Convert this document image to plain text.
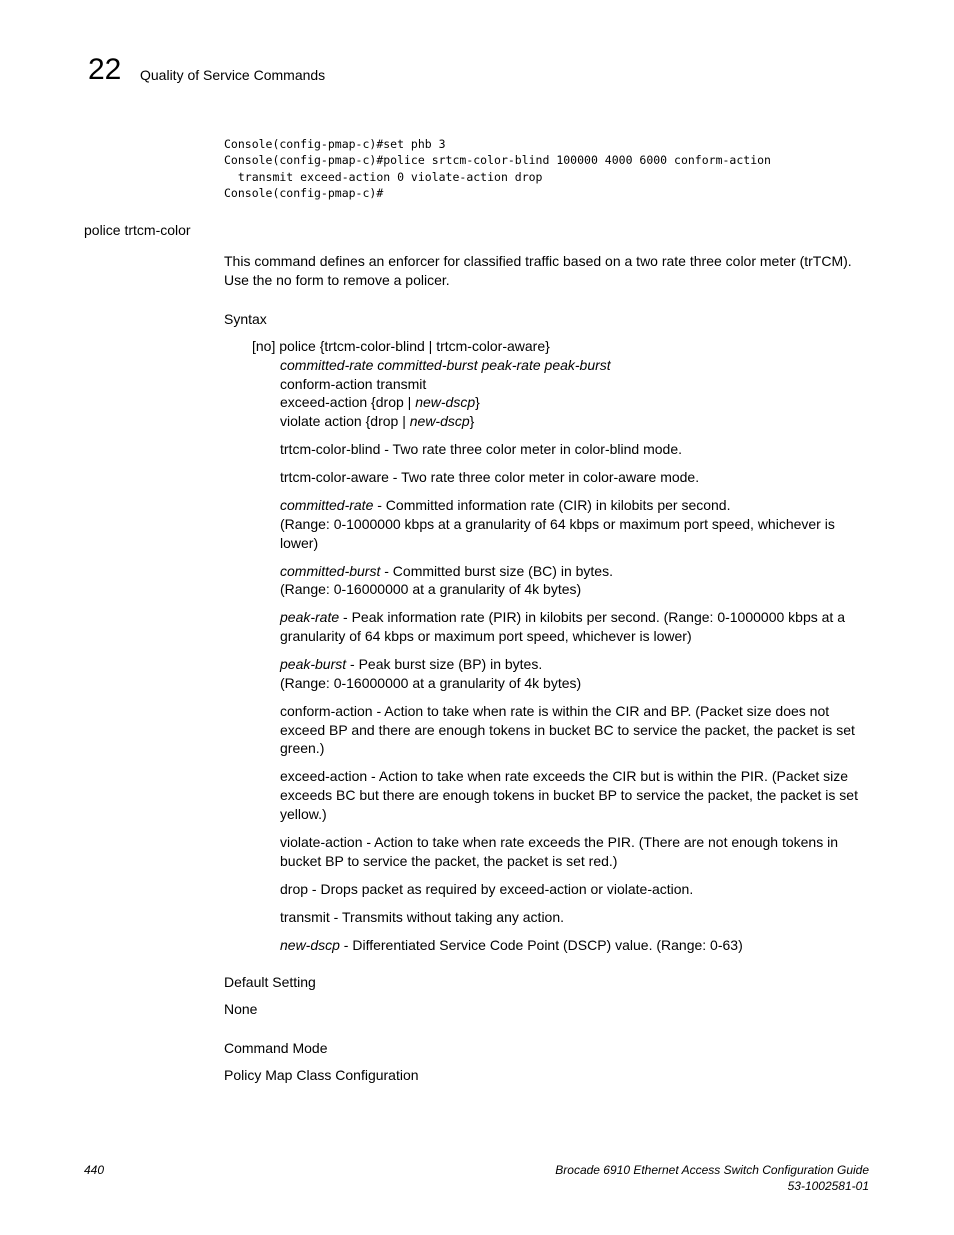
22 Quality of Service Commands
Console(config-pmap-c)#set phb 3
Console(config-pmap-c)#police srtcm-color-blind 100000 4000 6000 conform-action
transmit exceed-action 0 violate-action drop
Console(config-pmap-c)#
police trtcm-color
This command defines an enforcer for classified traffic based on a two rate three color meter (trTCM). Use the no form to remove a policer.
Syntax
[no] police {trtcm-color-blind | trtcm-color-aware}
committed-rate committed-burst peak-rate peak-burst
conform-action transmit
exceed-action {drop | new-dscp}
violate action {drop | new-dscp}
trtcm-color-blind - Two rate three color meter in color-blind mode.
trtcm-color-aware - Two rate three color meter in color-aware mode.
committed-rate - Committed information rate (CIR) in kilobits per second.
(Range: 0-1000000 kbps at a granularity of 64 kbps or maximum port speed, whichever is lower)
committed-burst - Committed burst size (BC) in bytes.
(Range: 0-16000000 at a granularity of 4k bytes)
peak-rate - Peak information rate (PIR) in kilobits per second. (Range: 0-1000000 kbps at a granularity of 64 kbps or maximum port speed, whichever is lower)
peak-burst - Peak burst size (BP) in bytes.
(Range: 0-16000000 at a granularity of 4k bytes)
conform-action - Action to take when rate is within the CIR and BP. (Packet size does not exceed BP and there are enough tokens in bucket BC to service the packet, the packet is set green.)
exceed-action - Action to take when rate exceeds the CIR but is within the PIR. (Packet size exceeds BC but there are enough tokens in bucket BP to service the packet, the packet is set yellow.)
violate-action - Action to take when rate exceeds the PIR. (There are not enough tokens in bucket BP to service the packet, the packet is set red.)
drop - Drops packet as required by exceed-action or violate-action.
transmit - Transmits without taking any action.
new-dscp - Differentiated Service Code Point (DSCP) value. (Range: 0-63)
Default Setting
None
Command Mode
Policy Map Class Configuration
440	Brocade 6910 Ethernet Access Switch Configuration Guide
53-1002581-01
